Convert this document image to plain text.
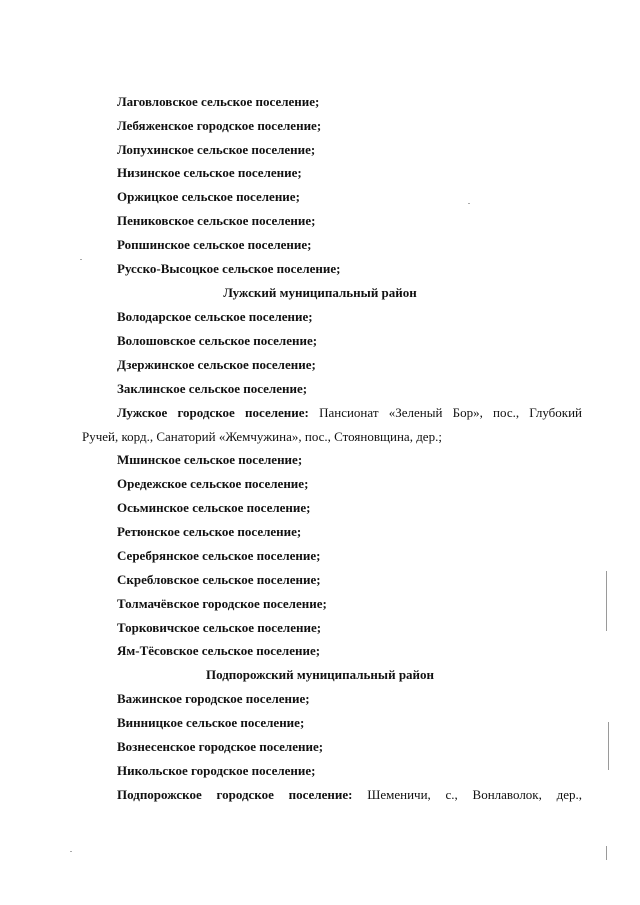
Лаговловское сельское поселение;
Лебяженское городское поселение;
Лопухинское сельское поселение;
Низинское сельское поселение;
Оржицкое сельское поселение;
Пениковское сельское поселение;
Ропшинское сельское поселение;
Русско-Высоцкое сельское поселение;
Лужский муниципальный район
Володарское сельское поселение;
Волошовское сельское поселение;
Дзержинское сельское поселение;
Заклинское сельское поселение;
Лужское городское поселение: Пансионат «Зеленый Бор», пос., Глубокий
Ручей, корд., Санаторий «Жемчужина», пос., Стояновщина, дер.;
Мшинское сельское поселение;
Оредежское сельское поселение;
Осьминское сельское поселение;
Ретюнское сельское поселение;
Серебрянское сельское поселение;
Скребловское сельское поселение;
Толмачёвское городское поселение;
Торковичское сельское поселение;
Ям-Тёсовское сельское поселение;
Подпорожский муниципальный район
Важинское городское поселение;
Винницкое сельское поселение;
Вознесенское городское поселение;
Никольское городское поселение;
Подпорожское городское поселение: Шеменичи, с., Вонлаволок, дер.,
